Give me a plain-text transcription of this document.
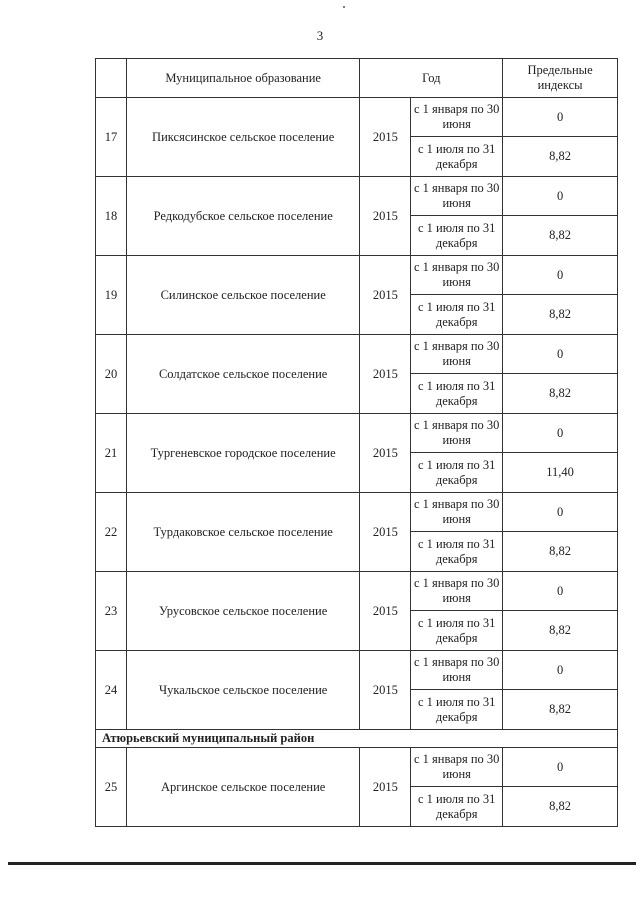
3
	Муниципальное образование	Год		Предельные индексы
17	Пиксясинское сельское поселение	2015	с 1 января по 30 июня	0
			с 1 июля по 31 декабря	8,82
18	Редкодубское сельское поселение	2015	с 1 января по 30 июня	0
			с 1 июля по 31 декабря	8,82
19	Силинское сельское поселение	2015	с 1 января по 30 июня	0
			с 1 июля по 31 декабря	8,82
20	Солдатское сельское поселение	2015	с 1 января по 30 июня	0
			с 1 июля по 31 декабря	8,82
21	Тургеневское городское поселение	2015	с 1 января по 30 июня	0
			с 1 июля по 31 декабря	11,40
22	Турдаковское сельское поселение	2015	с 1 января по 30 июня	0
			с 1 июля по 31 декабря	8,82
23	Урусовское сельское поселение	2015	с 1 января по 30 июня	0
			с 1 июля по 31 декабря	8,82
24	Чукальское сельское поселение	2015	с 1 января по 30 июня	0
			с 1 июля по 31 декабря	8,82
Атюрьевский муниципальный район				
25	Аргинское сельское поселение	2015	с 1 января по 30 июня	0
			с 1 июля по 31 декабря	8,82
